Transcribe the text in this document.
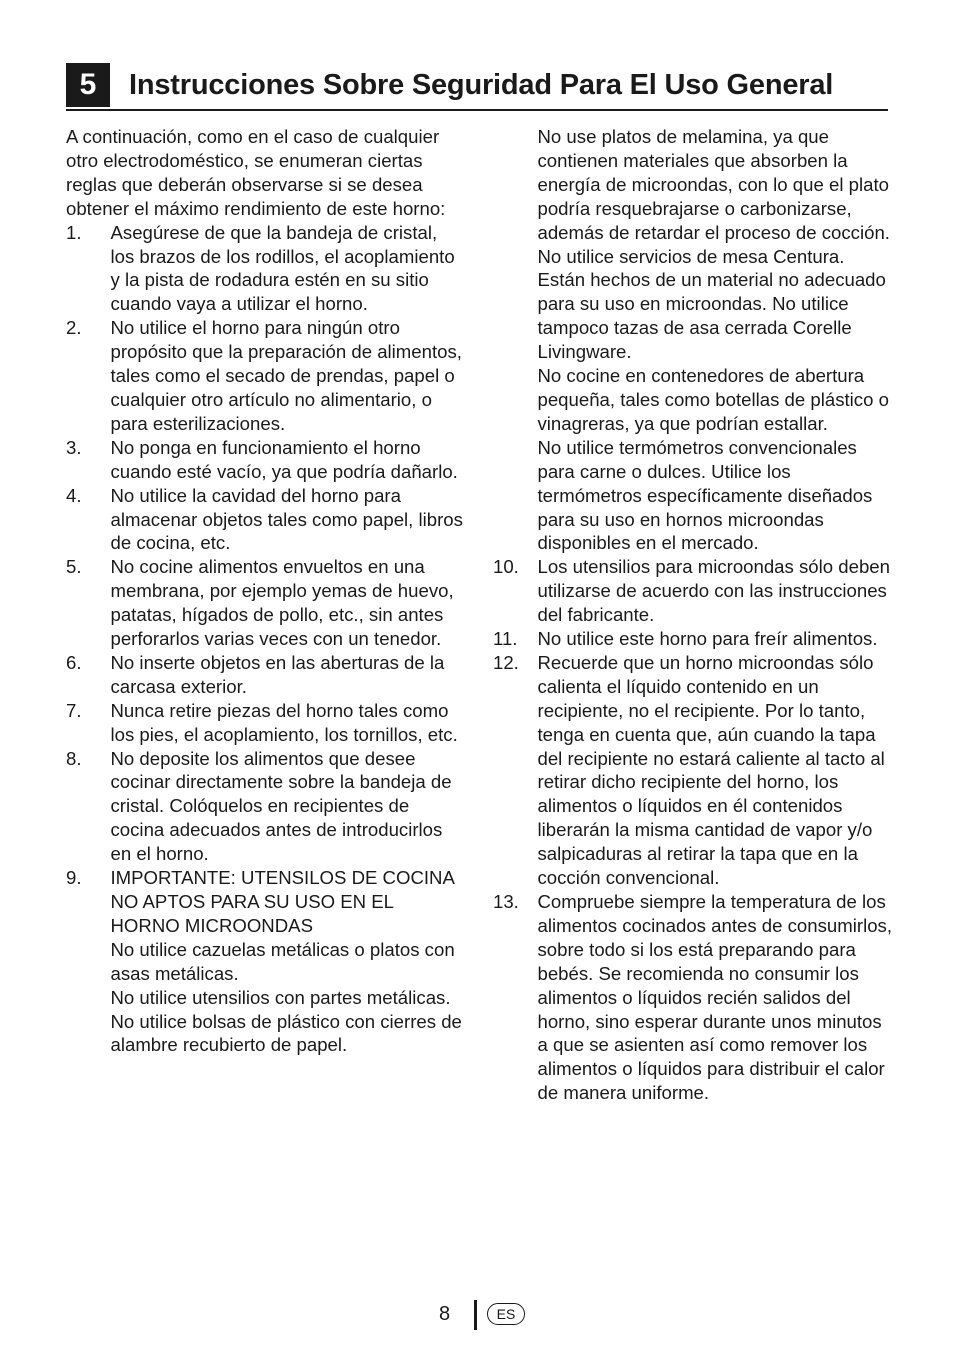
5	Instrucciones Sobre Seguridad Para El Uso General

A continuación, como en el caso de cualquier otro electrodoméstico, se enumeran ciertas reglas que deberán observarse si se desea obtener el máximo rendimiento de este horno:

1. Asegúrese de que la bandeja de cristal, los brazos de los rodillos, el acoplamiento y la pista de rodadura estén en su sitio cuando vaya a utilizar el horno.
2. No utilice el horno para ningún otro propósito que la preparación de alimentos, tales como el secado de prendas, papel o cualquier otro artículo no alimentario, o para esterilizaciones.
3. No ponga en funcionamiento el horno cuando esté vacío, ya que podría dañarlo.
4. No utilice la cavidad del horno para almacenar objetos tales como papel, libros de cocina, etc.
5. No cocine alimentos envueltos en una membrana, por ejemplo yemas de huevo, patatas, hígados de pollo, etc., sin antes perforarlos varias veces con un tenedor.
6. No inserte objetos en las aberturas de la carcasa exterior.
7. Nunca retire piezas del horno tales como los pies, el acoplamiento, los tornillos, etc.
8. No deposite los alimentos que desee cocinar directamente sobre la bandeja de cristal. Colóquelos en recipientes de cocina adecuados antes de introducirlos en el horno.
9. IMPORTANTE: UTENSILOS DE COCINA NO APTOS PARA SU USO EN EL HORNO MICROONDAS
No utilice cazuelas metálicas o platos con asas metálicas.
No utilice utensilios con partes metálicas.
No utilice bolsas de plástico con cierres de alambre recubierto de papel.
No use platos de melamina, ya que contienen materiales que absorben la energía de microondas, con lo que el plato podría resquebrajarse o carbonizarse, además de retardar el proceso de cocción.
No utilice servicios de mesa Centura. Están hechos de un material no adecuado para su uso en microondas. No utilice tampoco tazas de asa cerrada Corelle Livingware.
No cocine en contenedores de abertura pequeña, tales como botellas de plástico o vinagreras, ya que podrían estallar.
No utilice termómetros convencionales para carne o dulces. Utilice los termómetros específicamente diseñados para su uso en hornos microondas disponibles en el mercado.
10. Los utensilios para microondas sólo deben utilizarse de acuerdo con las instrucciones del fabricante.
11. No utilice este horno para freír alimentos.
12. Recuerde que un horno microondas sólo calienta el líquido contenido en un recipiente, no el recipiente. Por lo tanto, tenga en cuenta que, aún cuando la tapa del recipiente no estará caliente al tacto al retirar dicho recipiente del horno, los alimentos o líquidos en él contenidos liberarán la misma cantidad de vapor y/o salpicaduras al retirar la tapa que en la cocción convencional.
13. Compruebe siempre la temperatura de los alimentos cocinados antes de consumirlos, sobre todo si los está preparando para bebés. Se recomienda no consumir los alimentos o líquidos recién salidos del horno, sino esperar durante unos minutos a que se asienten así como remover los alimentos o líquidos para distribuir el calor de manera uniforme.
8	ES
